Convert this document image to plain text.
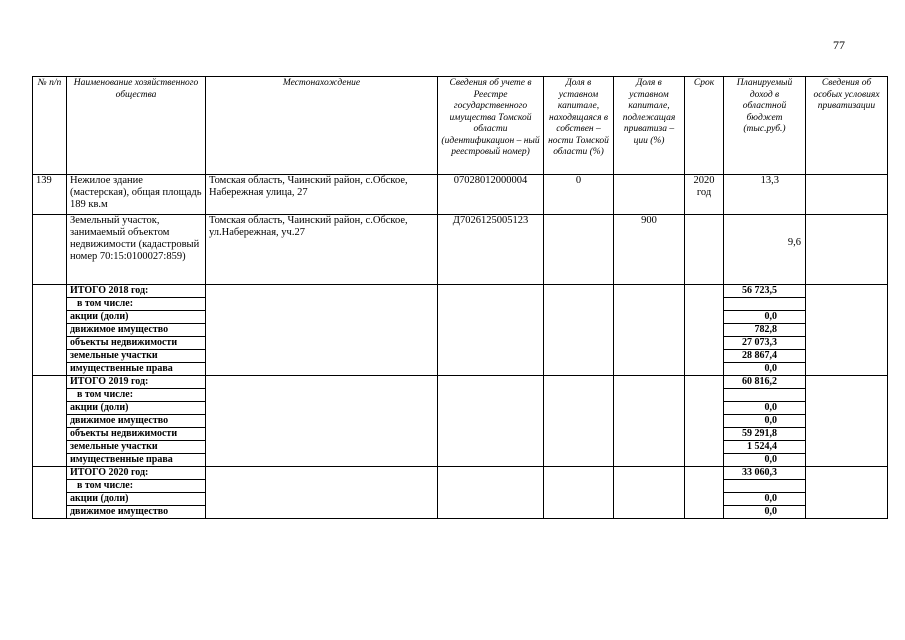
77
№ п/п	Наименование хозяйственного общества	Местонахождение	Сведения об учете в Реестре государственного имущества Томской области (идентификацион – ный реестровый номер)	Доля в уставном капитале, находящаяся в собствен – ности Томской области (%)	Доля в уставном капитале, подлежащая приватиза – ции (%)	Срок	Планируемый доход в областной бюджет (тыс.руб.)	Сведения об особых условиях приватизации
139	Нежилое здание (мастерская), общая площадь 189 кв.м	Томская область, Чаинский район, с.Обское, Набережная улица, 27	07028012000004	0		2020 год	13,3	
	Земельный участок, занимаемый объектом недвижимости (кадастровый номер 70:15:0100027:859)	Томская область, Чаинский район, с.Обское, ул.Набережная, уч.27	Д7026125005123		900		9,6	
	ИТОГО 2018 год:						56 723,5	
	в том числе:							
	акции (доли)						0,0	
	движимое имущество						782,8	
	объекты недвижимости						27 073,3	
	земельные участки						28 867,4	
	имущественные права						0,0	
	ИТОГО 2019 год:						60 816,2	
	в том числе:							
	акции (доли)						0,0	
	движимое имущество						0,0	
	объекты недвижимости						59 291,8	
	земельные участки						1 524,4	
	имущественные права						0,0	
	ИТОГО 2020 год:						33 060,3	
	в том числе:							
	акции (доли)						0,0	
	движимое имущество						0,0	
